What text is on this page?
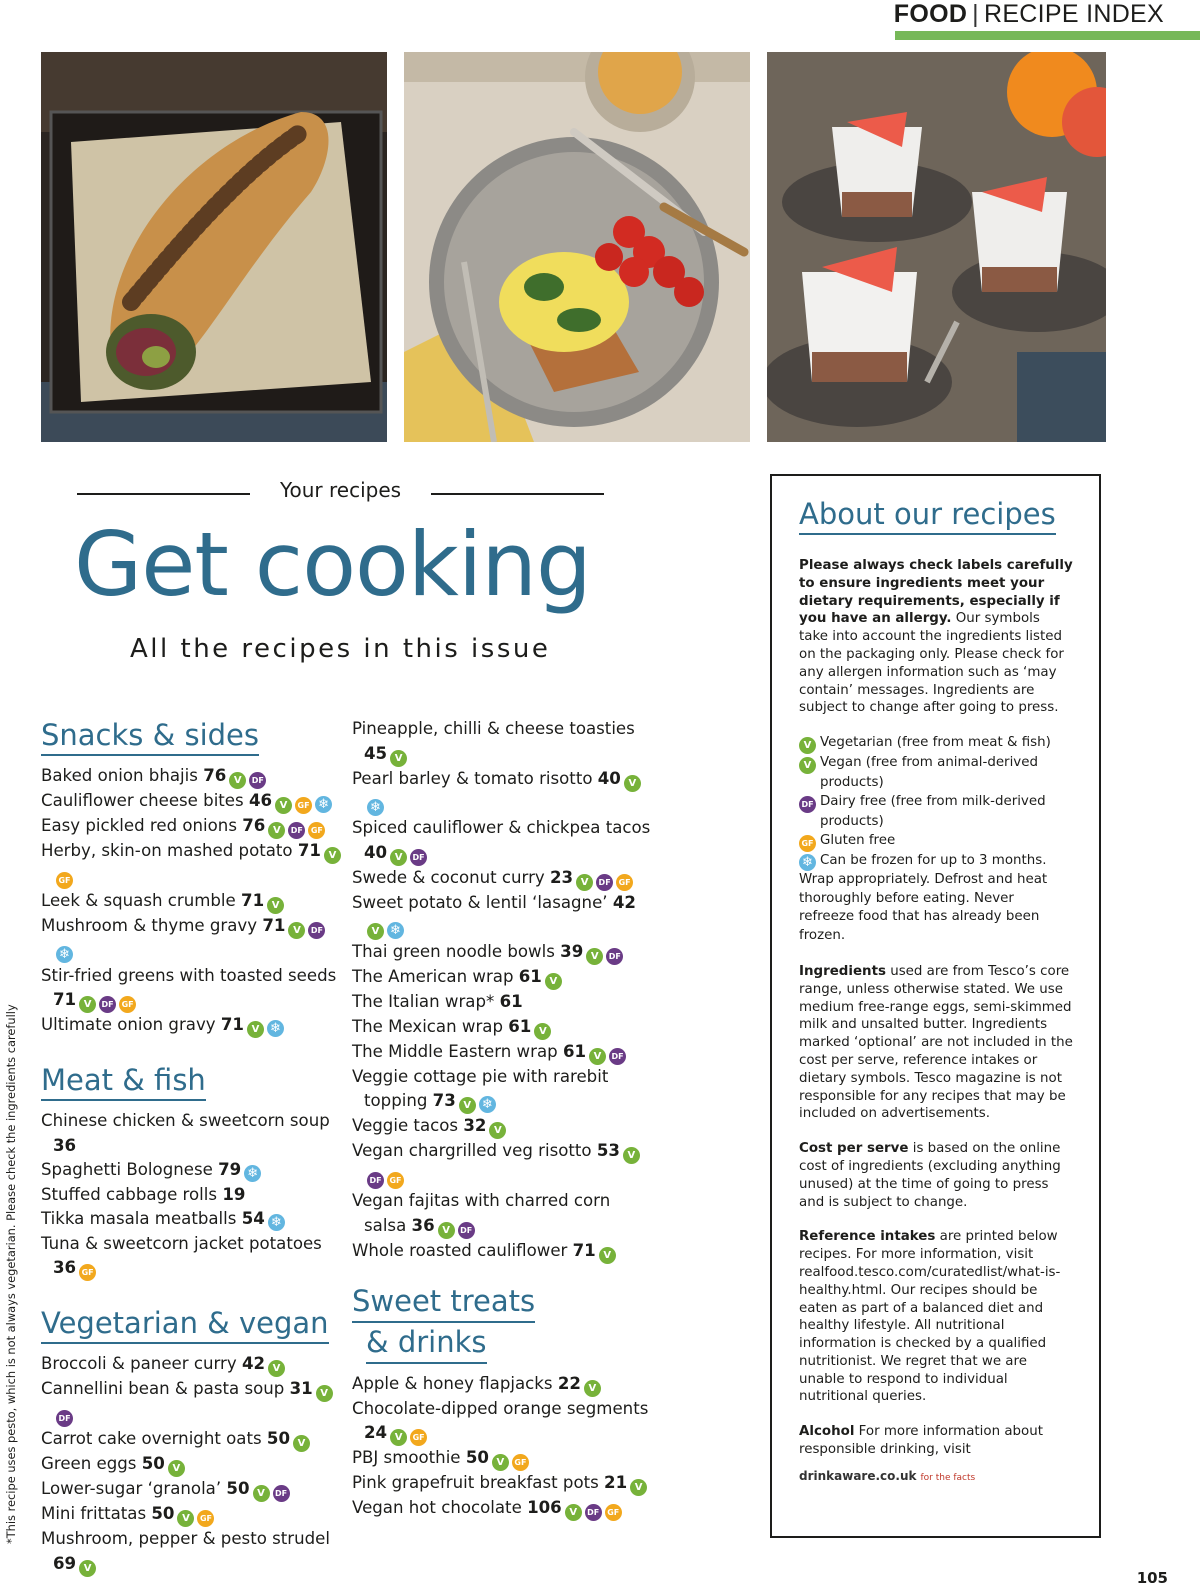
FOOD | RECIPE INDEX
Your recipes
Get cooking
All the recipes in this issue
Snacks & sides
Baked onion bhajis 76 V DF
Cauliflower cheese bites 46 V GF ❄
Easy pickled red onions 76 V DF GF
Herby, skin-on mashed potato 71 VGF
Leek & squash crumble 71 V
Mushroom & thyme gravy 71 V DF❄
Stir-fried greens with toasted seeds 71 V DF GF
Ultimate onion gravy 71 V ❄
Meat & fish
Chinese chicken & sweetcorn soup 36
Spaghetti Bolognese 79 ❄
Stuffed cabbage rolls 19
Tikka masala meatballs 54 ❄
Tuna & sweetcorn jacket potatoes 36 GF
Vegetarian & vegan
Broccoli & paneer curry 42 V
Cannellini bean & pasta soup 31 VDF
Carrot cake overnight oats 50 V
Green eggs 50 V
Lower-sugar ‘granola’ 50 V DF
Mini frittatas 50 V GF
Mushroom, pepper & pesto strudel 69 V
Pineapple, chilli & cheese toasties 45 V
Pearl barley & tomato risotto 40 V❄
Spiced cauliflower & chickpea tacos 40 V DF
Swede & coconut curry 23 V DF GF
Sweet potato & lentil ‘lasagne’ 42V ❄
Thai green noodle bowls 39 V DF
The American wrap 61 V
The Italian wrap* 61
The Mexican wrap 61 V
The Middle Eastern wrap 61 V DF
Veggie cottage pie with rarebit topping 73 V ❄
Veggie tacos 32 V
Vegan chargrilled veg risotto 53 VDF GF
Vegan fajitas with charred corn salsa 36 V DF
Whole roasted cauliflower 71 V
Sweet treats
& drinks
Apple & honey flapjacks 22 V
Chocolate-dipped orange segments 24 V GF
PBJ smoothie 50 V GF
Pink grapefruit breakfast pots 21 V
Vegan hot chocolate 106 V DF GF
About our recipes

Please always check labels carefully to ensure ingredients meet your dietary requirements, especially if you have an allergy. Our symbols take into account the ingredients listed on the packaging only. Please check for any allergen information such as ‘may contain’ messages. Ingredients are subject to change after going to press.

V Vegetarian (free from meat & fish)
V Vegan (free from animal-derived products)
DF Dairy free (free from milk-derived products)
GF Gluten free
❄ Can be frozen for up to 3 months.
Wrap appropriately. Defrost and heat thoroughly before eating. Never refreeze food that has already been frozen.

Ingredients used are from Tesco’s core range, unless otherwise stated. We use medium free-range eggs, semi-skimmed milk and unsalted butter. Ingredients marked ‘optional’ are not included in the cost per serve, reference intakes or dietary symbols. Tesco magazine is not responsible for any recipes that may be included on advertisements.

Cost per serve is based on the online cost of ingredients (excluding anything unused) at the time of going to press and is subject to change.

Reference intakes are printed below recipes. For more information, visit realfood.tesco.com/curatedlist/what-is-healthy.html. Our recipes should be eaten as part of a balanced diet and healthy lifestyle. All nutritional information is checked by a qualified nutritionist. We regret that we are unable to respond to individual nutritional queries.

Alcohol For more information about responsible drinking, visit

drinkaware.co.uk for the facts
*This recipe uses pesto, which is not always vegetarian. Please check the ingredients carefully
105
